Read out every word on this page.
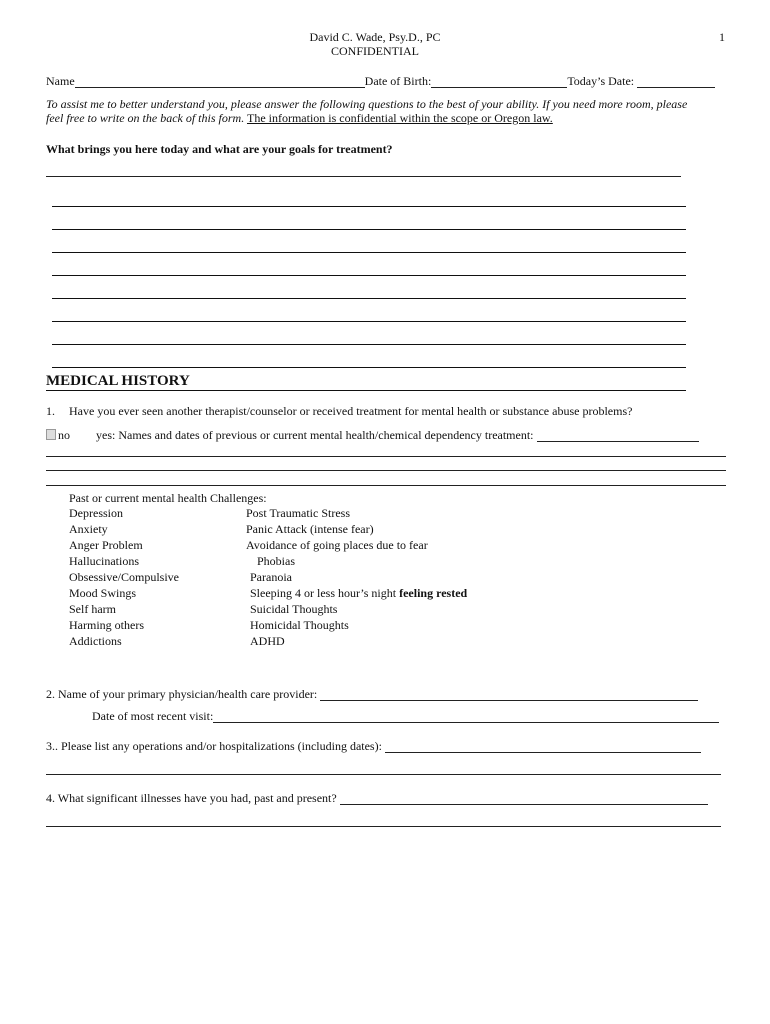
David C. Wade, Psy.D., PC
CONFIDENTIAL
1
Name	Date of Birth:	Today’s Date:
To assist me to better understand you, please answer the following questions to the best of your ability. If you need more room, please
feel free to write on the back of this form. The information is confidential within the scope or Oregon law.
What brings you here today and what are your goals for treatment?
MEDICAL HISTORY
1. Have you ever seen another therapist/counselor or received treatment for mental health or substance abuse problems?
no yes: Names and dates of previous or current mental health/chemical dependency treatment:
Past or current mental health Challenges:
Depression
Anxiety
Anger Problem
Hallucinations
Obsessive/Compulsive
Mood Swings
Self harm
Harming others
Addictions
Post Traumatic Stress
Panic Attack (intense fear)
Avoidance of going places due to fear
Phobias
Paranoia
Sleeping 4 or less hour’s night feeling rested
Suicidal Thoughts
Homicidal Thoughts
ADHD
2. Name of your primary physician/health care provider:
Date of most recent visit:
3.. Please list any operations and/or hospitalizations (including dates):
4. What significant illnesses have you had, past and present?
